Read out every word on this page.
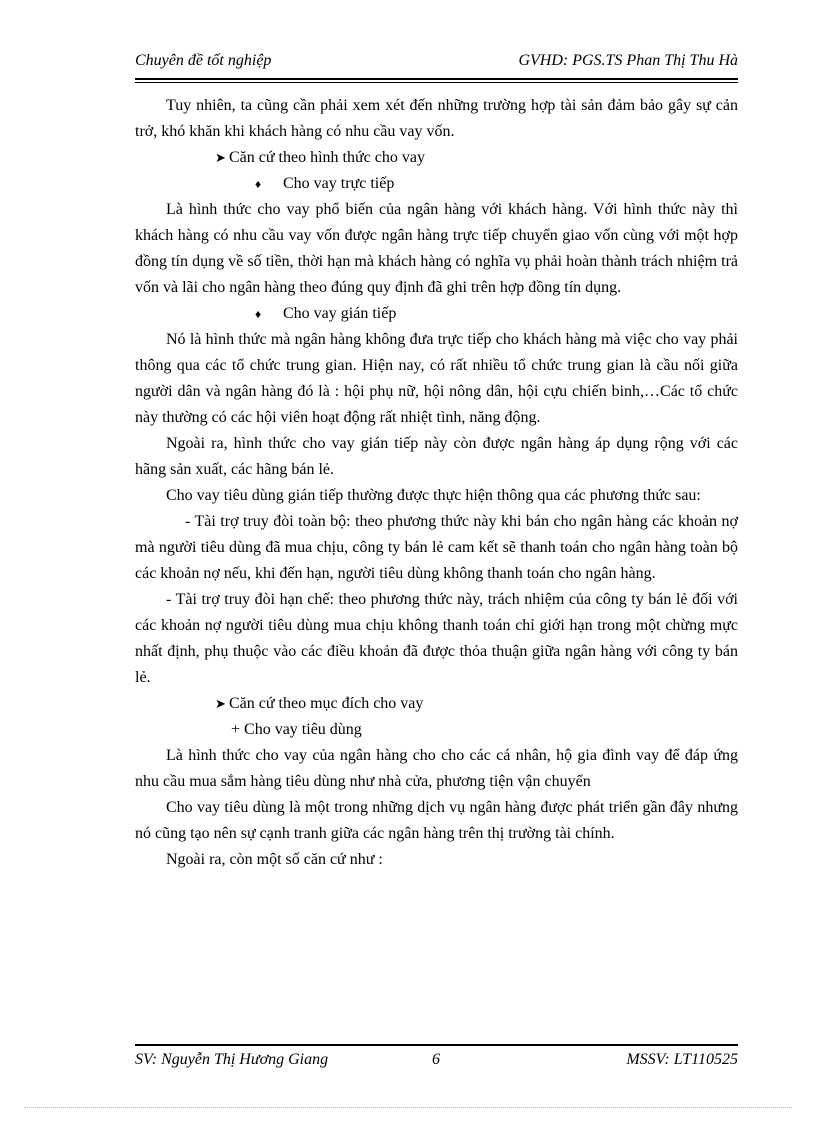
Chuyên đề tốt nghiệp	GVHD: PGS.TS Phan Thị Thu Hà

Tuy nhiên, ta cũng cần phải xem xét đến những trường hợp tài sản đảm bảo gây sự cản trở, khó khăn khi khách hàng có nhu cầu vay vốn.

➤ Căn cứ theo hình thức cho vay

♦ Cho vay trực tiếp

Là hình thức cho vay phổ biến của ngân hàng với khách hàng. Với hình thức này thì khách hàng có nhu cầu vay vốn được ngân hàng trực tiếp chuyển giao vốn cùng với một hợp đồng tín dụng về số tiền, thời hạn mà khách hàng có nghĩa vụ phải hoàn thành trách nhiệm trả vốn và lãi cho ngân hàng theo đúng quy định đã ghi trên hợp đồng tín dụng.

♦ Cho vay gián tiếp

Nó là hình thức mà ngân hàng không đưa trực tiếp cho khách hàng mà việc cho vay phải thông qua các tổ chức trung gian. Hiện nay, có rất nhiều tổ chức trung gian là cầu nối giữa người dân và ngân hàng đó là : hội phụ nữ, hội nông dân, hội cựu chiến binh,…Các tổ chức này thường có các hội viên hoạt động rất nhiệt tình, năng động.

Ngoài ra, hình thức cho vay gián tiếp này còn được ngân hàng áp dụng rộng với các hãng sản xuất, các hãng bán lẻ.

Cho vay tiêu dùng gián tiếp thường được thực hiện thông qua các phương thức sau:

- Tài trợ truy đòi toàn bộ: theo phương thức này khi bán cho ngân hàng các khoản nợ mà người tiêu dùng đã mua chịu, công ty bán lẻ cam kết sẽ thanh toán cho ngân hàng toàn bộ các khoản nợ nếu, khi đến hạn, người tiêu dùng không thanh toán cho ngân hàng.

- Tài trợ truy đòi hạn chế: theo phương thức này, trách nhiệm của công ty bán lẻ đối với các khoản nợ người tiêu dùng mua chịu không thanh toán chỉ giới hạn trong một chừng mực nhất định, phụ thuộc vào các điều khoản đã được thỏa thuận giữa ngân hàng với công ty bán lẻ.

➤ Căn cứ theo mục đích cho vay

+ Cho vay tiêu dùng

Là hình thức cho vay của ngân hàng cho cho các cá nhân, hộ gia đình vay để đáp ứng nhu cầu mua sắm hàng tiêu dùng như nhà cửa, phương tiện vận chuyển

Cho vay tiêu dùng là một trong những dịch vụ ngân hàng được phát triển gần đây nhưng nó cũng tạo nên sự cạnh tranh giữa các ngân hàng trên thị trường tài chính.

Ngoài ra, còn một số căn cứ như :

SV: Nguyễn Thị Hương Giang	6	MSSV: LT110525
